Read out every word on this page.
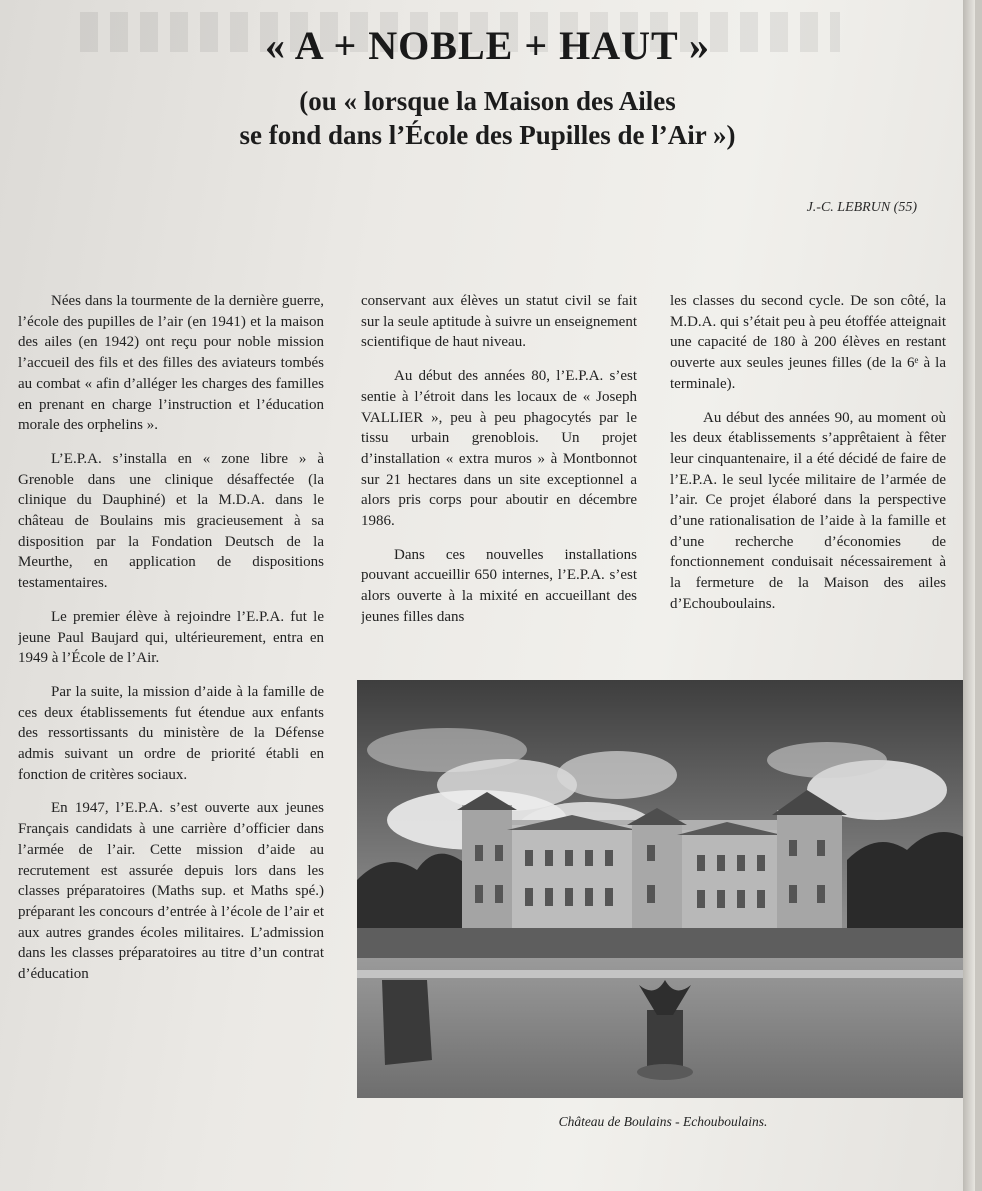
« A + NOBLE + HAUT »
(ou « lorsque la Maison des Ailes
se fond dans l’École des Pupilles de l’Air »)
J.-C. LEBRUN (55)

Nées dans la tourmente de la dernière guerre, l’école des pupilles de l’air (en 1941) et la maison des ailes (en 1942) ont reçu pour noble mission l’accueil des fils et des filles des aviateurs tombés au combat « afin d’alléger les charges des familles en prenant en charge l’instruction et l’éducation morale des orphelins ».

L’E.P.A. s’installa en « zone libre » à Grenoble dans une clinique désaffectée (la clinique du Dauphiné) et la M.D.A. dans le château de Boulains mis gracieusement à sa disposition par la Fondation Deutsch de la Meurthe, en application de dispositions testamentaires.

Le premier élève à rejoindre l’E.P.A. fut le jeune Paul Baujard qui, ultérieurement, entra en 1949 à l’École de l’Air.

Par la suite, la mission d’aide à la famille de ces deux établissements fut étendue aux enfants des ressortissants du ministère de la Défense admis suivant un ordre de priorité établi en fonction de critères sociaux.

En 1947, l’E.P.A. s’est ouverte aux jeunes Français candidats à une carrière d’officier dans l’armée de l’air. Cette mission d’aide au recrutement est assurée depuis lors dans les classes préparatoires (Maths sup. et Maths spé.) préparant les concours d’entrée à l’école de l’air et aux autres grandes écoles militaires. L’admission dans les classes préparatoires au titre d’un contrat d’éducation

conservant aux élèves un statut civil se fait sur la seule aptitude à suivre un enseignement scientifique de haut niveau.

Au début des années 80, l’E.P.A. s’est sentie à l’étroit dans les locaux de « Joseph VALLIER », peu à peu phagocytés par le tissu urbain grenoblois. Un projet d’installation « extra muros » à Montbonnot sur 21 hectares dans un site exceptionnel a alors pris corps pour aboutir en décembre 1986.

Dans ces nouvelles installations pouvant accueillir 650 internes, l’E.P.A. s’est alors ouverte à la mixité en accueillant des jeunes filles dans

les classes du second cycle. De son côté, la M.D.A. qui s’était peu à peu étoffée atteignait une capacité de 180 à 200 élèves en restant ouverte aux seules jeunes filles (de la 6ᵉ à la terminale).

Au début des années 90, au moment où les deux établissements s’apprêtaient à fêter leur cinquantenaire, il a été décidé de faire de l’E.P.A. le seul lycée militaire de l’armée de l’air. Ce projet élaboré dans la perspective d’une rationalisation de l’aide à la famille et d’une recherche d’économies de fonctionnement conduisait nécessairement à la fermeture de la Maison des ailes d’Echouboulains.

Château de Boulains - Echouboulains.
